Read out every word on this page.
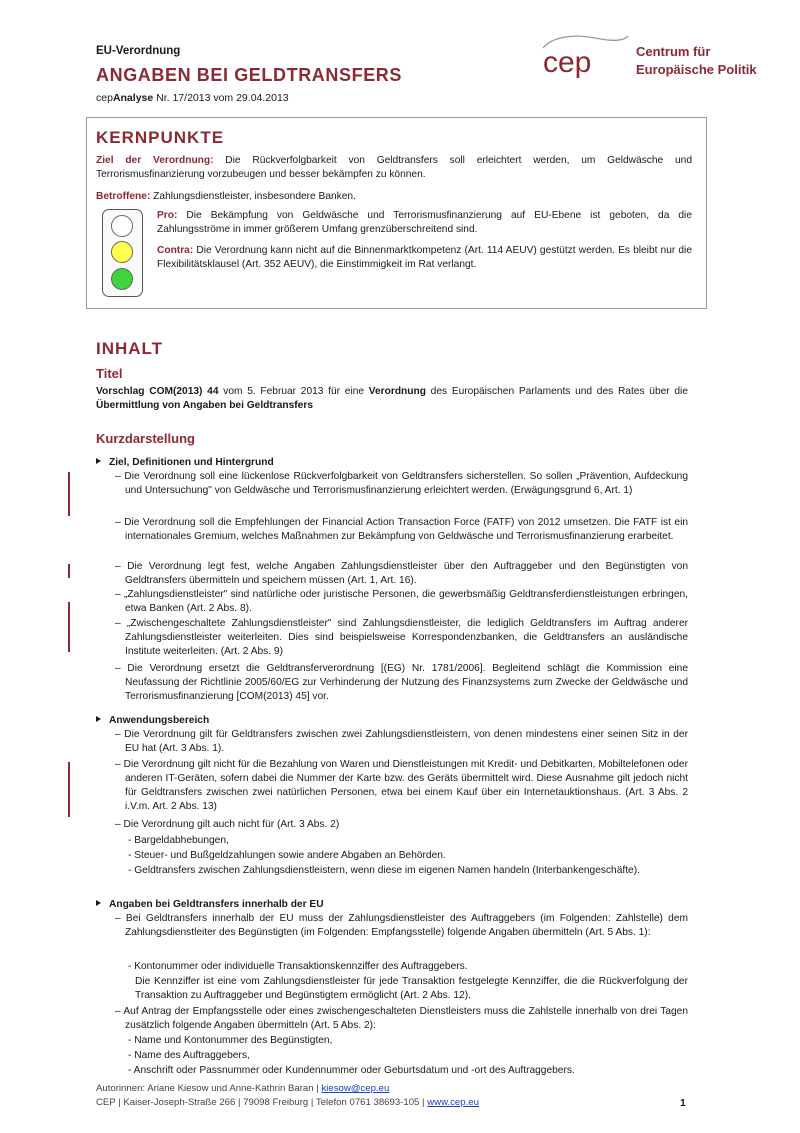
EU-Verordnung
ANGABEN BEI GELDTRANSFERS
cepAnalyse Nr. 17/2013 vom 29.04.2013
cep	Centrum für
Europäische Politik
KERNPUNKTE
Ziel der Verordnung: Die Rückverfolgbarkeit von Geldtransfers soll erleichtert werden, um Geldwäsche und Terrorismusfinanzierung vorzubeugen und besser bekämpfen zu können.
Betroffene: Zahlungsdienstleister, insbesondere Banken.
Pro: Die Bekämpfung von Geldwäsche und Terrorismusfinanzierung auf EU-Ebene ist geboten, da die Zahlungsströme in immer größerem Umfang grenzüberschreitend sind.
Contra: Die Verordnung kann nicht auf die Binnenmarktkompetenz (Art. 114 AEUV) gestützt werden. Es bleibt nur die Flexibilitätsklausel (Art. 352 AEUV), die Einstimmigkeit im Rat verlangt.
INHALT
Titel
Vorschlag COM(2013) 44 vom 5. Februar 2013 für eine Verordnung des Europäischen Parlaments und des Rates über die Übermittlung von Angaben bei Geldtransfers
Kurzdarstellung
Ziel, Definitionen und Hintergrund
– Die Verordnung soll eine lückenlose Rückverfolgbarkeit von Geldtransfers sicherstellen. So sollen „Prävention, Aufdeckung und Untersuchung" von Geldwäsche und Terrorismusfinanzierung erleichtert werden. (Erwägungsgrund 6, Art. 1)
– Die Verordnung soll die Empfehlungen der Financial Action Transaction Force (FATF) von 2012 umsetzen. Die FATF ist ein internationales Gremium, welches Maßnahmen zur Bekämpfung von Geldwäsche und Terrorismusfinanzierung erarbeitet.
– Die Verordnung legt fest, welche Angaben Zahlungsdienstleister über den Auftraggeber und den Begünstigten von Geldtransfers übermitteln und speichern müssen (Art. 1, Art. 16).
– „Zahlungsdienstleister" sind natürliche oder juristische Personen, die gewerbsmäßig Geldtransferdienstleistungen erbringen, etwa Banken (Art. 2 Abs. 8).
– „Zwischengeschaltete Zahlungsdienstleister" sind Zahlungsdienstleister, die lediglich Geldtransfers im Auftrag anderer Zahlungsdienstleister weiterleiten. Dies sind beispielsweise Korrespondenzbanken, die Geldtransfers an ausländische Institute weiterleiten. (Art. 2 Abs. 9)
– Die Verordnung ersetzt die Geldtransferverordnung [(EG) Nr. 1781/2006]. Begleitend schlägt die Kommission eine Neufassung der Richtlinie 2005/60/EG zur Verhinderung der Nutzung des Finanzsystems zum Zwecke der Geldwäsche und Terrorismusfinanzierung [COM(2013) 45] vor.
Anwendungsbereich
– Die Verordnung gilt für Geldtransfers zwischen zwei Zahlungsdienstleistern, von denen mindestens einer seinen Sitz in der EU hat (Art. 3 Abs. 1).
– Die Verordnung gilt nicht für die Bezahlung von Waren und Dienstleistungen mit Kredit- und Debitkarten, Mobiltelefonen oder anderen IT-Geräten, sofern dabei die Nummer der Karte bzw. des Geräts übermittelt wird. Diese Ausnahme gilt jedoch nicht für Geldtransfers zwischen zwei natürlichen Personen, etwa bei einem Kauf über ein Internetauktionshaus. (Art. 3 Abs. 2 i.V.m. Art. 2 Abs. 13)
– Die Verordnung gilt auch nicht für (Art. 3 Abs. 2)
- Bargeldabhebungen,
- Steuer- und Bußgeldzahlungen sowie andere Abgaben an Behörden.
- Geldtransfers zwischen Zahlungsdienstleistern, wenn diese im eigenen Namen handeln (Interbankengeschäfte).
Angaben bei Geldtransfers innerhalb der EU
– Bei Geldtransfers innerhalb der EU muss der Zahlungsdienstleister des Auftraggebers (im Folgenden: Zahlstelle) dem Zahlungsdienstleiter des Begünstigten (im Folgenden: Empfangsstelle) folgende Angaben übermitteln (Art. 5 Abs. 1):
- Kontonummer oder individuelle Transaktionskennziffer des Auftraggebers.
Die Kennziffer ist eine vom Zahlungsdienstleister für jede Transaktion festgelegte Kennziffer, die die Rückverfolgung der Transaktion zu Auftraggeber und Begünstigtem ermöglicht (Art. 2 Abs. 12).
– Auf Antrag der Empfangsstelle oder eines zwischengeschalteten Dienstleisters muss die Zahlstelle innerhalb von drei Tagen zusätzlich folgende Angaben übermitteln (Art. 5 Abs. 2):
- Name und Kontonummer des Begünstigten,
- Name des Auftraggebers,
- Anschrift oder Passnummer oder Kundennummer oder Geburtsdatum und -ort des Auftraggebers.
Autorinnen: Ariane Kiesow und Anne-Kathrin Baran | kiesow@cep.eu
CEP | Kaiser-Joseph-Straße 266 | 79098 Freiburg | Telefon 0761 38693-105 | www.cep.eu	1
